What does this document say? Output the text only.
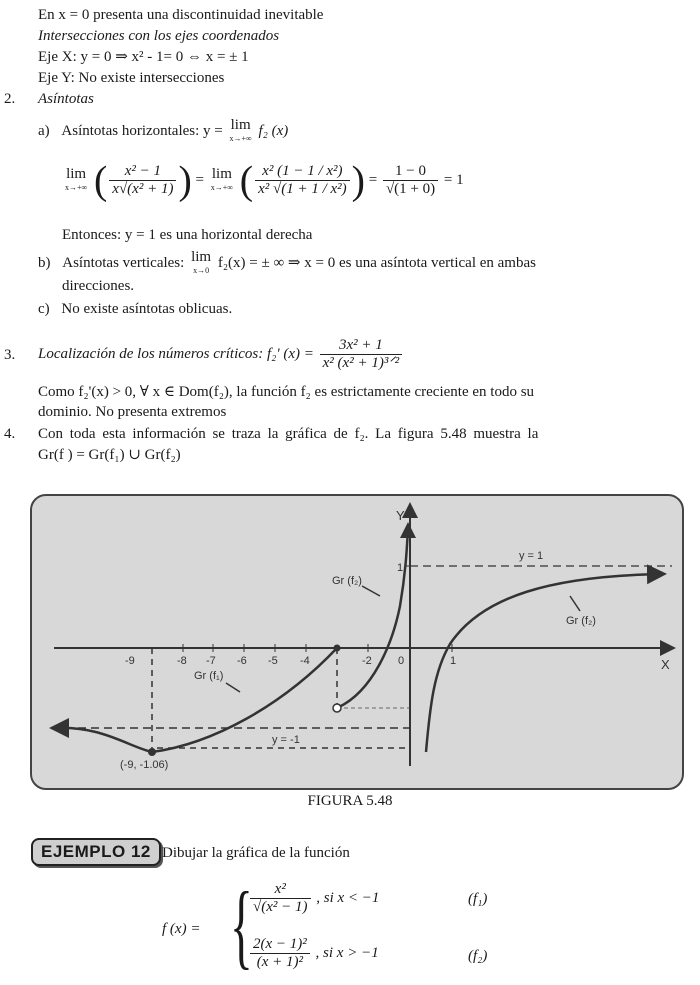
En x = 0 presenta una discontinuidad inevitable
Intersecciones con los ejes coordenados
Eje X: y = 0 ⇒ x² - 1= 0 ⇔ x = ± 1
Eje Y: No existe intersecciones
2. Asíntotas
a) Asíntotas horizontales: y = lim
x→+∞ f₂ (x)
lim
x→+∞ ( $\frac{\text{x² − 1}}{\text{x√(x² + 1)}}$ ) = lim
x→+∞ ( $\frac{\text{x² (1 − 1 / x²)}}{\text{x² √(1 + 1 / x²)}}$ ) = $\frac{1 - 0}{√(1 + 0)} = 1$
Entonces: y = 1 es una horizontal derecha
b) Asíntotas verticales: lim
x→0 f₂(x) = ± ∞ ⇒ x = 0 es una asíntota vertical en ambas
direcciones.
c) No existe asíntotas oblicuas.
3. Localización de los números críticos: f₂' $(x) = \frac{\text{3x² + 1}}{\text{x² (x² + 1)³ᐟ²}}$
Como f₂'(x) > 0, ∀ x ∈ Dom(f₂), la función f₂ es estrictamente creciente en todo su
dominio. No presenta extremos
4. Con toda esta información se traza la gráfica de f₂. La figura 5.48 muestra la
Gr(f ) = Gr(f₁) ∪ Gr(f₂)
Y
X
1
y = 1
y = -1
Gr (f₂)
Gr (f₁)
Gr (f₂)
(-9, -1.06)
-9	-8 -7 -6 -5 -4	-2 0	1
FIGURA 5.48
EJEMPLO 12 Dibujar la gráfica de la función
f (x) = {
$\frac{\text{x²}}{\text{√(x² − 1)}}$ , si x < −1	(f₁)
$\frac{\text{2(x − 1)²}}{\text{(x + 1)²}}$ , si x > −1	(f₂)
